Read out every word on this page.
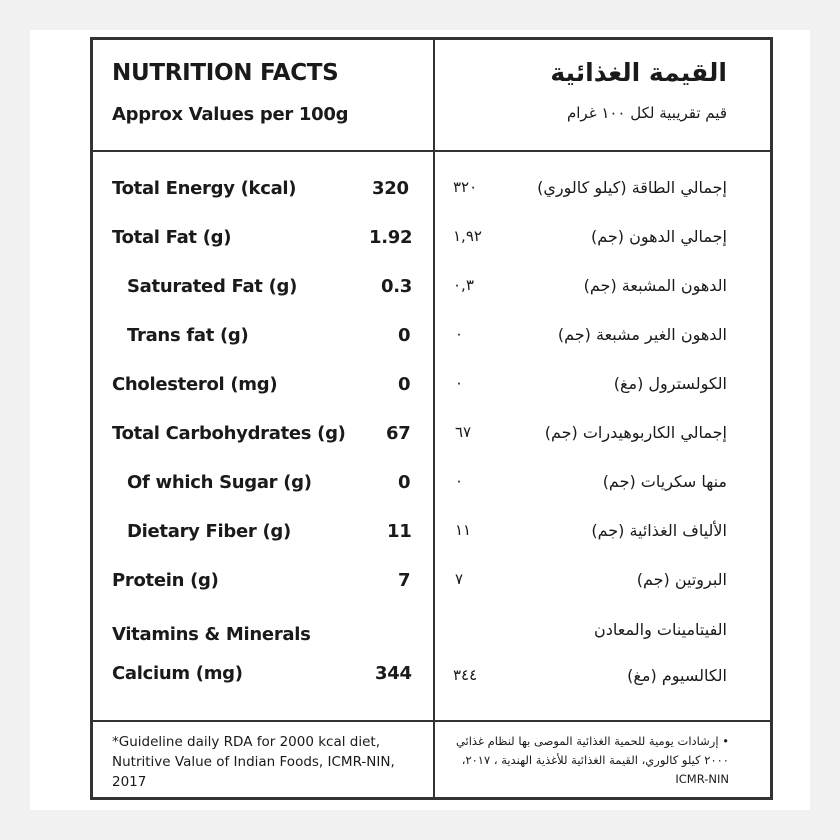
NUTRITION FACTS
Approx Values per 100g
القيمة الغذائية
قيم تقريبية لكل ١٠٠ غرام
Total Energy (kcal)	320
Total Fat (g)	1.92
Saturated Fat (g)	0.3
Trans fat (g)	0
Cholesterol (mg)	0
Total Carbohydrates (g) 67
Of which Sugar (g)	0
Dietary Fiber (g)	11
Protein (g)	7
Vitamins & Minerals
Calcium (mg)	344
٣٢٠	إجمالي الطاقة (كيلو كالوري)
١,٩٢	إجمالي الدهون (جم)
٠,٣	الدهون المشبعة (جم)
٠	الدهون الغير مشبعة (جم)
٠	الكولسترول (مغ)
٦٧	إجمالي الكاربوهيدرات (جم)
٠	منها سكريات (جم)
١١	الألياف الغذائية (جم)
٧	البروتين (جم)
الفيتامينات والمعادن
٣٤٤	الكالسيوم (مغ)
*Guideline daily RDA for 2000 kcal diet, Nutritive Value of Indian Foods, ICMR-NIN, 2017
• إرشادات يومية للحمية الغذائية الموصى بها لنظام غذائي ٢٠٠٠ كيلو كالوري، القيمة الغذائية للأغذية الهندية ، ٢٠١٧، ICMR-NIN
